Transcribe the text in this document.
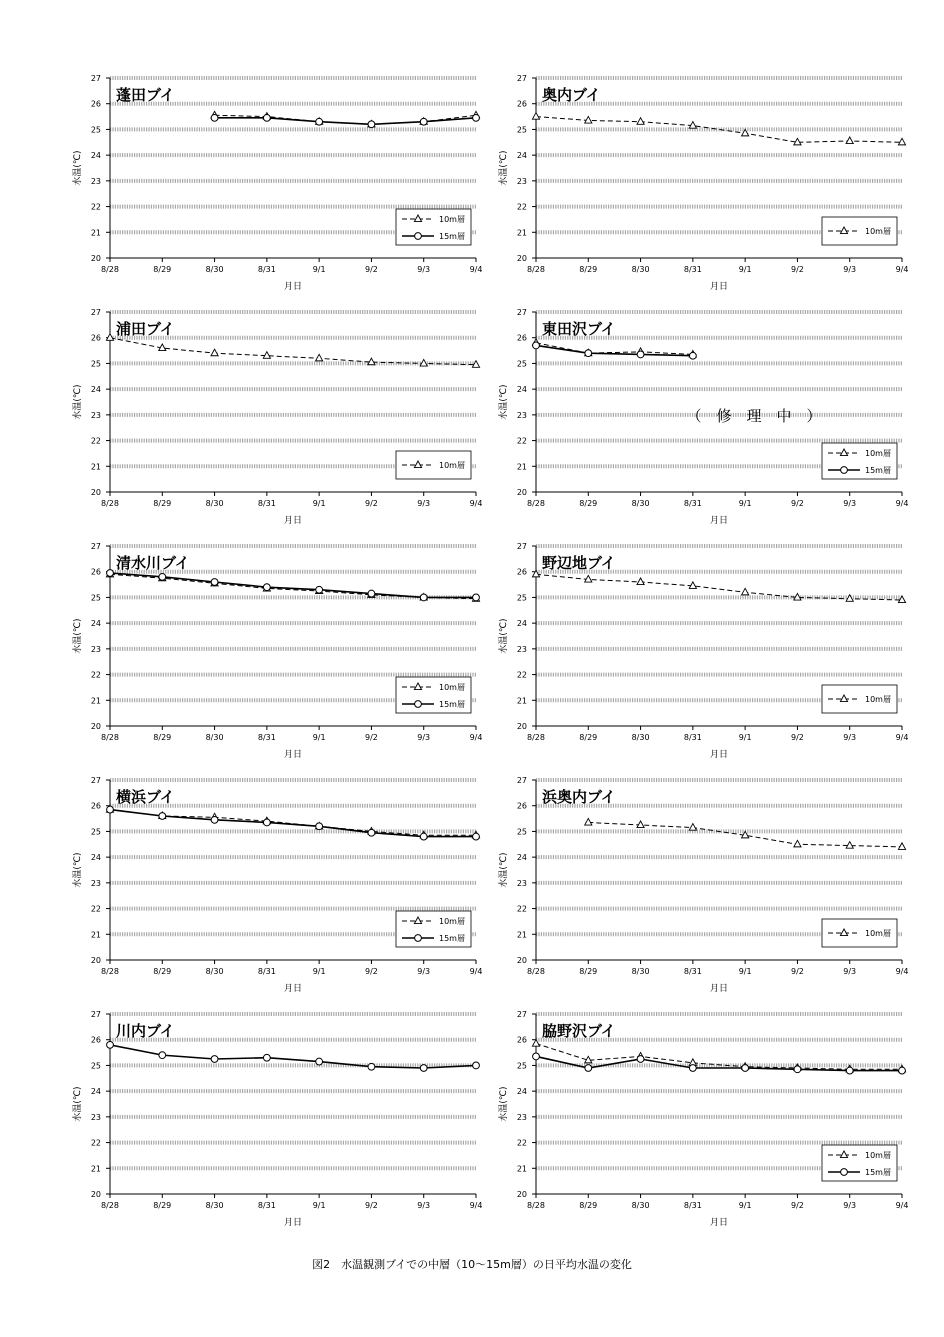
20
21
22
23
24
25
26
27
8/28	8/29	8/30	8/31	9/1	9/2	9/3	9/4
月日
水温(℃)
蓬田ブイ
10m層
15m層
20
21
22
23
24
25
26
27
8/28	8/29	8/30	8/31	9/1	9/2	9/3	9/4
月日
水温(℃)
奥内ブイ
10m層
20
21
22
23
24
25
26
27
8/28	8/29	8/30	8/31	9/1	9/2	9/3	9/4
月日
水温(℃)
浦田ブイ
10m層
20
21
22
23
24
25
26
27
8/28	8/29	8/30	8/31	9/1	9/2	9/3	9/4
月日
水温(℃)
東田沢ブイ
（　修　理　中　）
10m層
15m層
20
21
22
23
24
25
26
27
8/28	8/29	8/30	8/31	9/1	9/2	9/3	9/4
月日
水温(℃)
清水川ブイ
10m層
15m層
20
21
22
23
24
25
26
27
8/28	8/29	8/30	8/31	9/1	9/2	9/3	9/4
月日
水温(℃)
野辺地ブイ
10m層
20
21
22
23
24
25
26
27
8/28	8/29	8/30	8/31	9/1	9/2	9/3	9/4
月日
水温(℃)
横浜ブイ
10m層
15m層
20
21
22
23
24
25
26
27
8/28	8/29	8/30	8/31	9/1	9/2	9/3	9/4
月日
水温(℃)
浜奥内ブイ
10m層
20
21
22
23
24
25
26
27
8/28	8/29	8/30	8/31	9/1	9/2	9/3	9/4
月日
水温(℃)
川内ブイ
20
21
22
23
24
25
26
27
8/28	8/29	8/30	8/31	9/1	9/2	9/3	9/4
月日
水温(℃)
脇野沢ブイ
10m層
15m層
図2　水温観測ブイでの中層（10～15m層）の日平均水温の変化
